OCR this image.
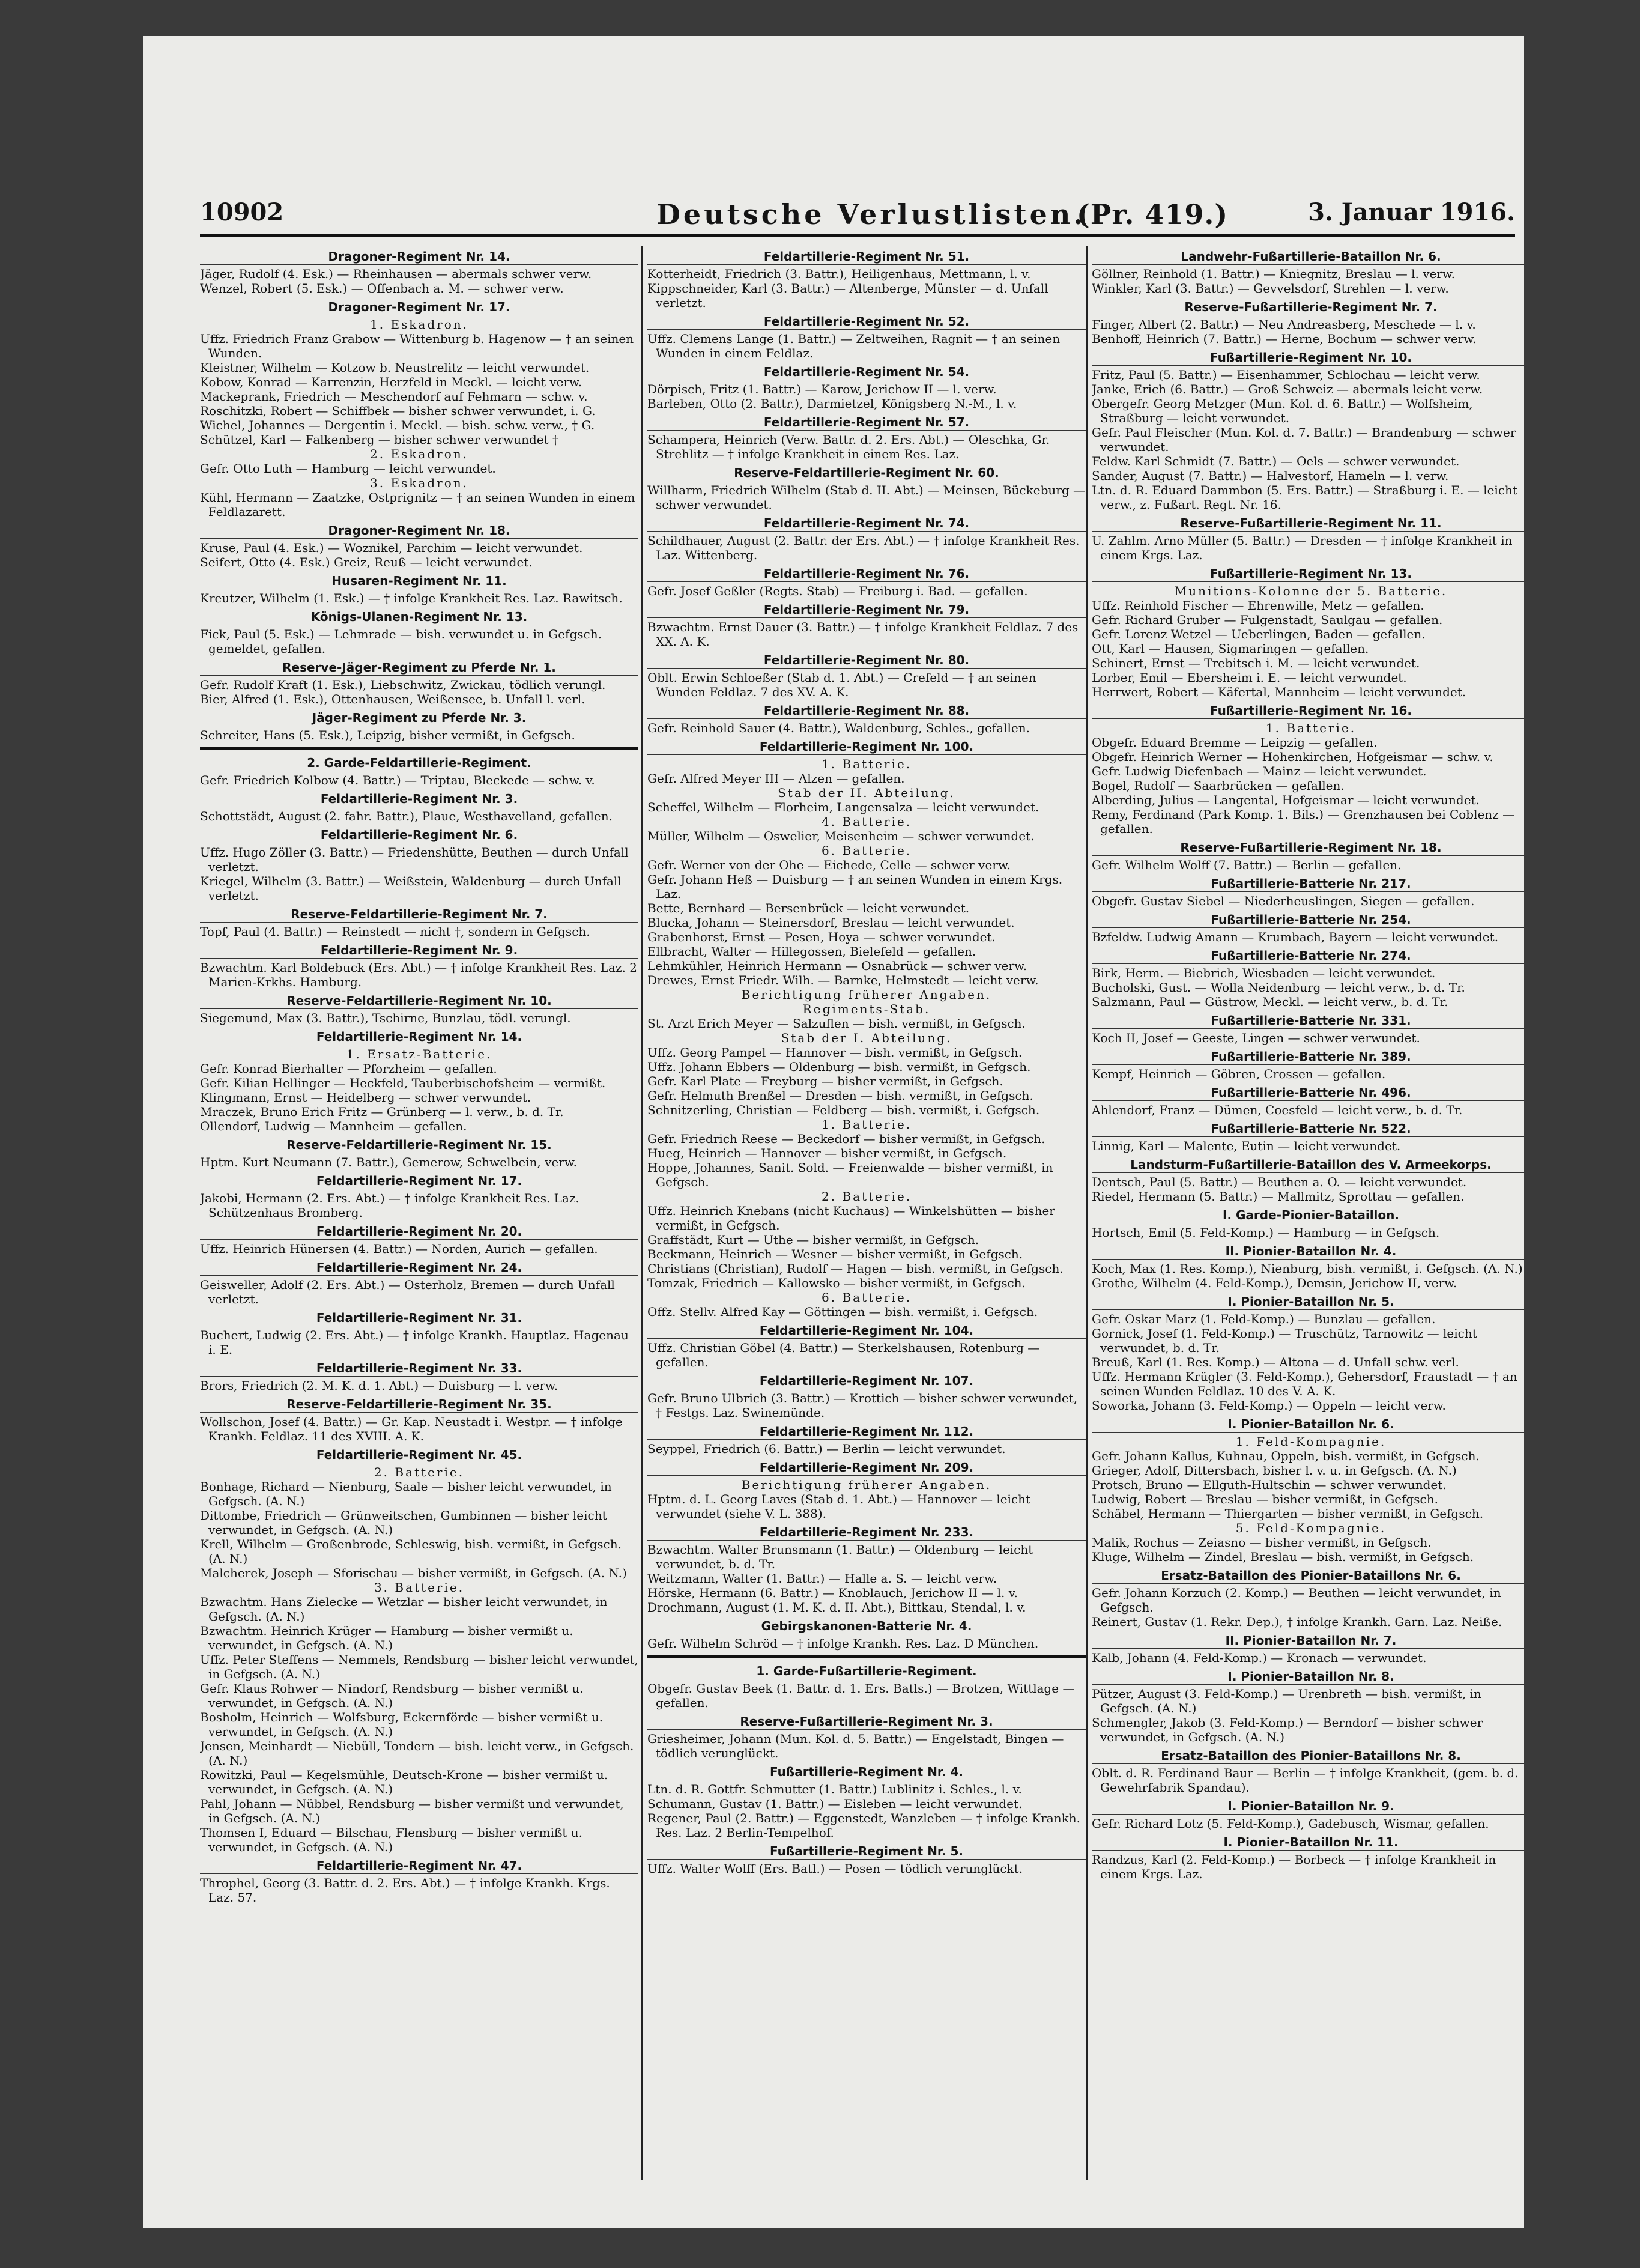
10902	Deutsche Verlustlisten.
(Pr. 419.)	3. Januar 1916.
Dragoner-Regiment Nr. 14.
Jäger, Rudolf (4. Esk.) — Rheinhausen — abermals schwer verw.
Wenzel, Robert (5. Esk.) — Offenbach a. M. — schwer verw.
Dragoner-Regiment Nr. 17.
1. Eskadron.
Uffz. Friedrich Franz Grabow — Wittenburg b. Hagenow — † an seinen Wunden.
Kleistner, Wilhelm — Kotzow b. Neustrelitz — leicht verwundet.
Kobow, Konrad — Karrenzin, Herzfeld in Meckl. — leicht verw.
Mackeprank, Friedrich — Meschendorf auf Fehmarn — schw. v.
Roschitzki, Robert — Schiffbek — bisher schwer verwundet, i. G.
Wichel, Johannes — Dergentin i. Meckl. — bish. schw. verw., † G.
Schützel, Karl — Falkenberg — bisher schwer verwundet †
2. Eskadron.
Gefr. Otto Luth — Hamburg — leicht verwundet.
3. Eskadron.
Kühl, Hermann — Zaatzke, Ostprignitz — † an seinen Wunden in einem Feldlazarett.
Dragoner-Regiment Nr. 18.
Kruse, Paul (4. Esk.) — Woznikel, Parchim — leicht verwundet.
Seifert, Otto (4. Esk.) Greiz, Reuß — leicht verwundet.
Husaren-Regiment Nr. 11.
Kreutzer, Wilhelm (1. Esk.) — † infolge Krankheit Res. Laz. Rawitsch.
Königs-Ulanen-Regiment Nr. 13.
Fick, Paul (5. Esk.) — Lehmrade — bish. verwundet u. in Gefgsch. gemeldet, gefallen.
Reserve-Jäger-Regiment zu Pferde Nr. 1.
Gefr. Rudolf Kraft (1. Esk.), Liebschwitz, Zwickau, tödlich verungl.
Bier, Alfred (1. Esk.), Ottenhausen, Weißensee, b. Unfall l. verl.
Jäger-Regiment zu Pferde Nr. 3.
Schreiter, Hans (5. Esk.), Leipzig, bisher vermißt, in Gefgsch.
2. Garde-Feldartillerie-Regiment.
Gefr. Friedrich Kolbow (4. Battr.) — Triptau, Bleckede — schw. v.
Feldartillerie-Regiment Nr. 3.
Schottstädt, August (2. fahr. Battr.), Plaue, Westhavelland, gefallen.
Feldartillerie-Regiment Nr. 6.
Uffz. Hugo Zöller (3. Battr.) — Friedenshütte, Beuthen — durch Unfall verletzt.
Kriegel, Wilhelm (3. Battr.) — Weißstein, Waldenburg — durch Unfall verletzt.
Reserve-Feldartillerie-Regiment Nr. 7.
Topf, Paul (4. Battr.) — Reinstedt — nicht †, sondern in Gefgsch.
Feldartillerie-Regiment Nr. 9.
Bzwachtm. Karl Boldebuck (Ers. Abt.) — † infolge Krankheit Res. Laz. 2 Marien-Krkhs. Hamburg.
Reserve-Feldartillerie-Regiment Nr. 10.
Siegemund, Max (3. Battr.), Tschirne, Bunzlau, tödl. verungl.
Feldartillerie-Regiment Nr. 14.
1. Ersatz-Batterie.
Gefr. Konrad Bierhalter — Pforzheim — gefallen.
Gefr. Kilian Hellinger — Heckfeld, Tauberbischofsheim — vermißt.
Klingmann, Ernst — Heidelberg — schwer verwundet.
Mraczek, Bruno Erich Fritz — Grünberg — l. verw., b. d. Tr.
Ollendorf, Ludwig — Mannheim — gefallen.
Reserve-Feldartillerie-Regiment Nr. 15.
Hptm. Kurt Neumann (7. Battr.), Gemerow, Schwelbein, verw.
Feldartillerie-Regiment Nr. 17.
Jakobi, Hermann (2. Ers. Abt.) — † infolge Krankheit Res. Laz. Schützenhaus Bromberg.
Feldartillerie-Regiment Nr. 20.
Uffz. Heinrich Hünersen (4. Battr.) — Norden, Aurich — gefallen.
Feldartillerie-Regiment Nr. 24.
Geisweller, Adolf (2. Ers. Abt.) — Osterholz, Bremen — durch Unfall verletzt.
Feldartillerie-Regiment Nr. 31.
Buchert, Ludwig (2. Ers. Abt.) — † infolge Krankh. Hauptlaz. Hagenau i. E.
Feldartillerie-Regiment Nr. 33.
Brors, Friedrich (2. M. K. d. 1. Abt.) — Duisburg — l. verw.
Reserve-Feldartillerie-Regiment Nr. 35.
Wollschon, Josef (4. Battr.) — Gr. Kap. Neustadt i. Westpr. — † infolge Krankh. Feldlaz. 11 des XVIII. A. K.
Feldartillerie-Regiment Nr. 45.
2. Batterie.
Bonhage, Richard — Nienburg, Saale — bisher leicht verwundet, in Gefgsch. (A. N.)
Dittombe, Friedrich — Grünweitschen, Gumbinnen — bisher leicht verwundet, in Gefgsch. (A. N.)
Krell, Wilhelm — Großenbrode, Schleswig, bish. vermißt, in Gefgsch. (A. N.)
Malcherek, Joseph — Sforischau — bisher vermißt, in Gefgsch. (A. N.)
3. Batterie.
Bzwachtm. Hans Zielecke — Wetzlar — bisher leicht verwundet, in Gefgsch. (A. N.)
Bzwachtm. Heinrich Krüger — Hamburg — bisher vermißt u. verwundet, in Gefgsch. (A. N.)
Uffz. Peter Steffens — Nemmels, Rendsburg — bisher leicht verwundet, in Gefgsch. (A. N.)
Gefr. Klaus Rohwer — Nindorf, Rendsburg — bisher vermißt u. verwundet, in Gefgsch. (A. N.)
Bosholm, Heinrich — Wolfsburg, Eckernförde — bisher vermißt u. verwundet, in Gefgsch. (A. N.)
Jensen, Meinhardt — Niebüll, Tondern — bish. leicht verw., in Gefgsch. (A. N.)
Rowitzki, Paul — Kegelsmühle, Deutsch-Krone — bisher vermißt u. verwundet, in Gefgsch. (A. N.)
Pahl, Johann — Nübbel, Rendsburg — bisher vermißt und verwundet, in Gefgsch. (A. N.)
Thomsen I, Eduard — Bilschau, Flensburg — bisher vermißt u. verwundet, in Gefgsch. (A. N.)
Feldartillerie-Regiment Nr. 47.
Throphel, Georg (3. Battr. d. 2. Ers. Abt.) — † infolge Krankh. Krgs. Laz. 57.
Feldartillerie-Regiment Nr. 51.
Kotterheidt, Friedrich (3. Battr.), Heiligenhaus, Mettmann, l. v.
Kippschneider, Karl (3. Battr.) — Altenberge, Münster — d. Unfall verletzt.
Feldartillerie-Regiment Nr. 52.
Uffz. Clemens Lange (1. Battr.) — Zeltweihen, Ragnit — † an seinen Wunden in einem Feldlaz.
Feldartillerie-Regiment Nr. 54.
Dörpisch, Fritz (1. Battr.) — Karow, Jerichow II — l. verw.
Barleben, Otto (2. Battr.), Darmietzel, Königsberg N.-M., l. v.
Feldartillerie-Regiment Nr. 57.
Schampera, Heinrich (Verw. Battr. d. 2. Ers. Abt.) — Oleschka, Gr. Strehlitz — † infolge Krankheit in einem Res. Laz.
Reserve-Feldartillerie-Regiment Nr. 60.
Willharm, Friedrich Wilhelm (Stab d. II. Abt.) — Meinsen, Bückeburg — schwer verwundet.
Feldartillerie-Regiment Nr. 74.
Schildhauer, August (2. Battr. der Ers. Abt.) — † infolge Krankheit Res. Laz. Wittenberg.
Feldartillerie-Regiment Nr. 76.
Gefr. Josef Geßler (Regts. Stab) — Freiburg i. Bad. — gefallen.
Feldartillerie-Regiment Nr. 79.
Bzwachtm. Ernst Dauer (3. Battr.) — † infolge Krankheit Feldlaz. 7 des XX. A. K.
Feldartillerie-Regiment Nr. 80.
Oblt. Erwin Schloeßer (Stab d. 1. Abt.) — Crefeld — † an seinen Wunden Feldlaz. 7 des XV. A. K.
Feldartillerie-Regiment Nr. 88.
Gefr. Reinhold Sauer (4. Battr.), Waldenburg, Schles., gefallen.
Feldartillerie-Regiment Nr. 100.
1. Batterie.
Gefr. Alfred Meyer III — Alzen — gefallen.
Stab der II. Abteilung.
Scheffel, Wilhelm — Florheim, Langensalza — leicht verwundet.
4. Batterie.
Müller, Wilhelm — Oswelier, Meisenheim — schwer verwundet.
6. Batterie.
Gefr. Werner von der Ohe — Eichede, Celle — schwer verw.
Gefr. Johann Heß — Duisburg — † an seinen Wunden in einem Krgs. Laz.
Bette, Bernhard — Bersenbrück — leicht verwundet.
Blucka, Johann — Steinersdorf, Breslau — leicht verwundet.
Grabenhorst, Ernst — Pesen, Hoya — schwer verwundet.
Ellbracht, Walter — Hillegossen, Bielefeld — gefallen.
Lehmkühler, Heinrich Hermann — Osnabrück — schwer verw.
Drewes, Ernst Friedr. Wilh. — Barnke, Helmstedt — leicht verw.
Berichtigung früherer Angaben.
Regiments-Stab.
St. Arzt Erich Meyer — Salzuflen — bish. vermißt, in Gefgsch.
Stab der I. Abteilung.
Uffz. Georg Pampel — Hannover — bish. vermißt, in Gefgsch.
Uffz. Johann Ebbers — Oldenburg — bish. vermißt, in Gefgsch.
Gefr. Karl Plate — Freyburg — bisher vermißt, in Gefgsch.
Gefr. Helmuth Brenßel — Dresden — bish. vermißt, in Gefgsch.
Schnitzerling, Christian — Feldberg — bish. vermißt, i. Gefgsch.
1. Batterie.
Gefr. Friedrich Reese — Beckedorf — bisher vermißt, in Gefgsch.
Hueg, Heinrich — Hannover — bisher vermißt, in Gefgsch.
Hoppe, Johannes, Sanit. Sold. — Freienwalde — bisher vermißt, in Gefgsch.
2. Batterie.
Uffz. Heinrich Knebans (nicht Kuchaus) — Winkelshütten — bisher vermißt, in Gefgsch.
Graffstädt, Kurt — Uthe — bisher vermißt, in Gefgsch.
Beckmann, Heinrich — Wesner — bisher vermißt, in Gefgsch.
Christians (Christian), Rudolf — Hagen — bish. vermißt, in Gefgsch.
Tomzak, Friedrich — Kallowsko — bisher vermißt, in Gefgsch.
6. Batterie.
Offz. Stellv. Alfred Kay — Göttingen — bish. vermißt, i. Gefgsch.
Feldartillerie-Regiment Nr. 104.
Uffz. Christian Göbel (4. Battr.) — Sterkelshausen, Rotenburg — gefallen.
Feldartillerie-Regiment Nr. 107.
Gefr. Bruno Ulbrich (3. Battr.) — Krottich — bisher schwer verwundet, † Festgs. Laz. Swinemünde.
Feldartillerie-Regiment Nr. 112.
Seyppel, Friedrich (6. Battr.) — Berlin — leicht verwundet.
Feldartillerie-Regiment Nr. 209.
Berichtigung früherer Angaben.
Hptm. d. L. Georg Laves (Stab d. 1. Abt.) — Hannover — leicht verwundet (siehe V. L. 388).
Feldartillerie-Regiment Nr. 233.
Bzwachtm. Walter Brunsmann (1. Battr.) — Oldenburg — leicht verwundet, b. d. Tr.
Weitzmann, Walter (1. Battr.) — Halle a. S. — leicht verw.
Hörske, Hermann (6. Battr.) — Knoblauch, Jerichow II — l. v.
Drochmann, August (1. M. K. d. II. Abt.), Bittkau, Stendal, l. v.
Gebirgskanonen-Batterie Nr. 4.
Gefr. Wilhelm Schröd — † infolge Krankh. Res. Laz. D München.
1. Garde-Fußartillerie-Regiment.
Obgefr. Gustav Beek (1. Battr. d. 1. Ers. Batls.) — Brotzen, Wittlage — gefallen.
Reserve-Fußartillerie-Regiment Nr. 3.
Griesheimer, Johann (Mun. Kol. d. 5. Battr.) — Engelstadt, Bingen — tödlich verunglückt.
Fußartillerie-Regiment Nr. 4.
Ltn. d. R. Gottfr. Schmutter (1. Battr.) Lublinitz i. Schles., l. v.
Schumann, Gustav (1. Battr.) — Eisleben — leicht verwundet.
Regener, Paul (2. Battr.) — Eggenstedt, Wanzleben — † infolge Krankh. Res. Laz. 2 Berlin-Tempelhof.
Fußartillerie-Regiment Nr. 5.
Uffz. Walter Wolff (Ers. Batl.) — Posen — tödlich verunglückt.
Landwehr-Fußartillerie-Bataillon Nr. 6.
Göllner, Reinhold (1. Battr.) — Kniegnitz, Breslau — l. verw.
Winkler, Karl (3. Battr.) — Gevvelsdorf, Strehlen — l. verw.
Reserve-Fußartillerie-Regiment Nr. 7.
Finger, Albert (2. Battr.) — Neu Andreasberg, Meschede — l. v.
Benhoff, Heinrich (7. Battr.) — Herne, Bochum — schwer verw.
Fußartillerie-Regiment Nr. 10.
Fritz, Paul (5. Battr.) — Eisenhammer, Schlochau — leicht verw.
Janke, Erich (6. Battr.) — Groß Schweiz — abermals leicht verw.
Obergefr. Georg Metzger (Mun. Kol. d. 6. Battr.) — Wolfsheim, Straßburg — leicht verwundet.
Gefr. Paul Fleischer (Mun. Kol. d. 7. Battr.) — Brandenburg — schwer verwundet.
Feldw. Karl Schmidt (7. Battr.) — Oels — schwer verwundet.
Sander, August (7. Battr.) — Halvestorf, Hameln — l. verw.
Ltn. d. R. Eduard Dammbon (5. Ers. Battr.) — Straßburg i. E. — leicht verw., z. Fußart. Regt. Nr. 16.
Reserve-Fußartillerie-Regiment Nr. 11.
U. Zahlm. Arno Müller (5. Battr.) — Dresden — † infolge Krankheit in einem Krgs. Laz.
Fußartillerie-Regiment Nr. 13.
Munitions-Kolonne der 5. Batterie.
Uffz. Reinhold Fischer — Ehrenwille, Metz — gefallen.
Gefr. Richard Gruber — Fulgenstadt, Saulgau — gefallen.
Gefr. Lorenz Wetzel — Ueberlingen, Baden — gefallen.
Ott, Karl — Hausen, Sigmaringen — gefallen.
Schinert, Ernst — Trebitsch i. M. — leicht verwundet.
Lorber, Emil — Ebersheim i. E. — leicht verwundet.
Herrwert, Robert — Käfertal, Mannheim — leicht verwundet.
Fußartillerie-Regiment Nr. 16.
1. Batterie.
Obgefr. Eduard Bremme — Leipzig — gefallen.
Obgefr. Heinrich Werner — Hohenkirchen, Hofgeismar — schw. v.
Gefr. Ludwig Diefenbach — Mainz — leicht verwundet.
Bogel, Rudolf — Saarbrücken — gefallen.
Alberding, Julius — Langental, Hofgeismar — leicht verwundet.
Remy, Ferdinand (Park Komp. 1. Bils.) — Grenzhausen bei Coblenz — gefallen.
Reserve-Fußartillerie-Regiment Nr. 18.
Gefr. Wilhelm Wolff (7. Battr.) — Berlin — gefallen.
Fußartillerie-Batterie Nr. 217.
Obgefr. Gustav Siebel — Niederheuslingen, Siegen — gefallen.
Fußartillerie-Batterie Nr. 254.
Bzfeldw. Ludwig Amann — Krumbach, Bayern — leicht verwundet.
Fußartillerie-Batterie Nr. 274.
Birk, Herm. — Biebrich, Wiesbaden — leicht verwundet.
Bucholski, Gust. — Wolla Neidenburg — leicht verw., b. d. Tr.
Salzmann, Paul — Güstrow, Meckl. — leicht verw., b. d. Tr.
Fußartillerie-Batterie Nr. 331.
Koch II, Josef — Geeste, Lingen — schwer verwundet.
Fußartillerie-Batterie Nr. 389.
Kempf, Heinrich — Göbren, Crossen — gefallen.
Fußartillerie-Batterie Nr. 496.
Ahlendorf, Franz — Dümen, Coesfeld — leicht verw., b. d. Tr.
Fußartillerie-Batterie Nr. 522.
Linnig, Karl — Malente, Eutin — leicht verwundet.
Landsturm-Fußartillerie-Bataillon des V. Armeekorps.
Dentsch, Paul (5. Battr.) — Beuthen a. O. — leicht verwundet.
Riedel, Hermann (5. Battr.) — Mallmitz, Sprottau — gefallen.
I. Garde-Pionier-Bataillon.
Hortsch, Emil (5. Feld-Komp.) — Hamburg — in Gefgsch.
II. Pionier-Bataillon Nr. 4.
Koch, Max (1. Res. Komp.), Nienburg, bish. vermißt, i. Gefgsch. (A. N.)
Grothe, Wilhelm (4. Feld-Komp.), Demsin, Jerichow II, verw.
I. Pionier-Bataillon Nr. 5.
Gefr. Oskar Marz (1. Feld-Komp.) — Bunzlau — gefallen.
Gornick, Josef (1. Feld-Komp.) — Truschütz, Tarnowitz — leicht verwundet, b. d. Tr.
Breuß, Karl (1. Res. Komp.) — Altona — d. Unfall schw. verl.
Uffz. Hermann Krügler (3. Feld-Komp.), Gehersdorf, Fraustadt — † an seinen Wunden Feldlaz. 10 des V. A. K.
Soworka, Johann (3. Feld-Komp.) — Oppeln — leicht verw.
I. Pionier-Bataillon Nr. 6.
1. Feld-Kompagnie.
Gefr. Johann Kallus, Kuhnau, Oppeln, bish. vermißt, in Gefgsch.
Grieger, Adolf, Dittersbach, bisher l. v. u. in Gefgsch. (A. N.)
Protsch, Bruno — Ellguth-Hultschin — schwer verwundet.
Ludwig, Robert — Breslau — bisher vermißt, in Gefgsch.
Schäbel, Hermann — Thiergarten — bisher vermißt, in Gefgsch.
5. Feld-Kompagnie.
Malik, Rochus — Zeiasno — bisher vermißt, in Gefgsch.
Kluge, Wilhelm — Zindel, Breslau — bish. vermißt, in Gefgsch.
Ersatz-Bataillon des Pionier-Bataillons Nr. 6.
Gefr. Johann Korzuch (2. Komp.) — Beuthen — leicht verwundet, in Gefgsch.
Reinert, Gustav (1. Rekr. Dep.), † infolge Krankh. Garn. Laz. Neiße.
II. Pionier-Bataillon Nr. 7.
Kalb, Johann (4. Feld-Komp.) — Kronach — verwundet.
I. Pionier-Bataillon Nr. 8.
Pützer, August (3. Feld-Komp.) — Urenbreth — bish. vermißt, in Gefgsch. (A. N.)
Schmengler, Jakob (3. Feld-Komp.) — Berndorf — bisher schwer verwundet, in Gefgsch. (A. N.)
Ersatz-Bataillon des Pionier-Bataillons Nr. 8.
Oblt. d. R. Ferdinand Baur — Berlin — † infolge Krankheit, (gem. b. d. Gewehrfabrik Spandau).
I. Pionier-Bataillon Nr. 9.
Gefr. Richard Lotz (5. Feld-Komp.), Gadebusch, Wismar, gefallen.
I. Pionier-Bataillon Nr. 11.
Randzus, Karl (2. Feld-Komp.) — Borbeck — † infolge Krankheit in einem Krgs. Laz.
